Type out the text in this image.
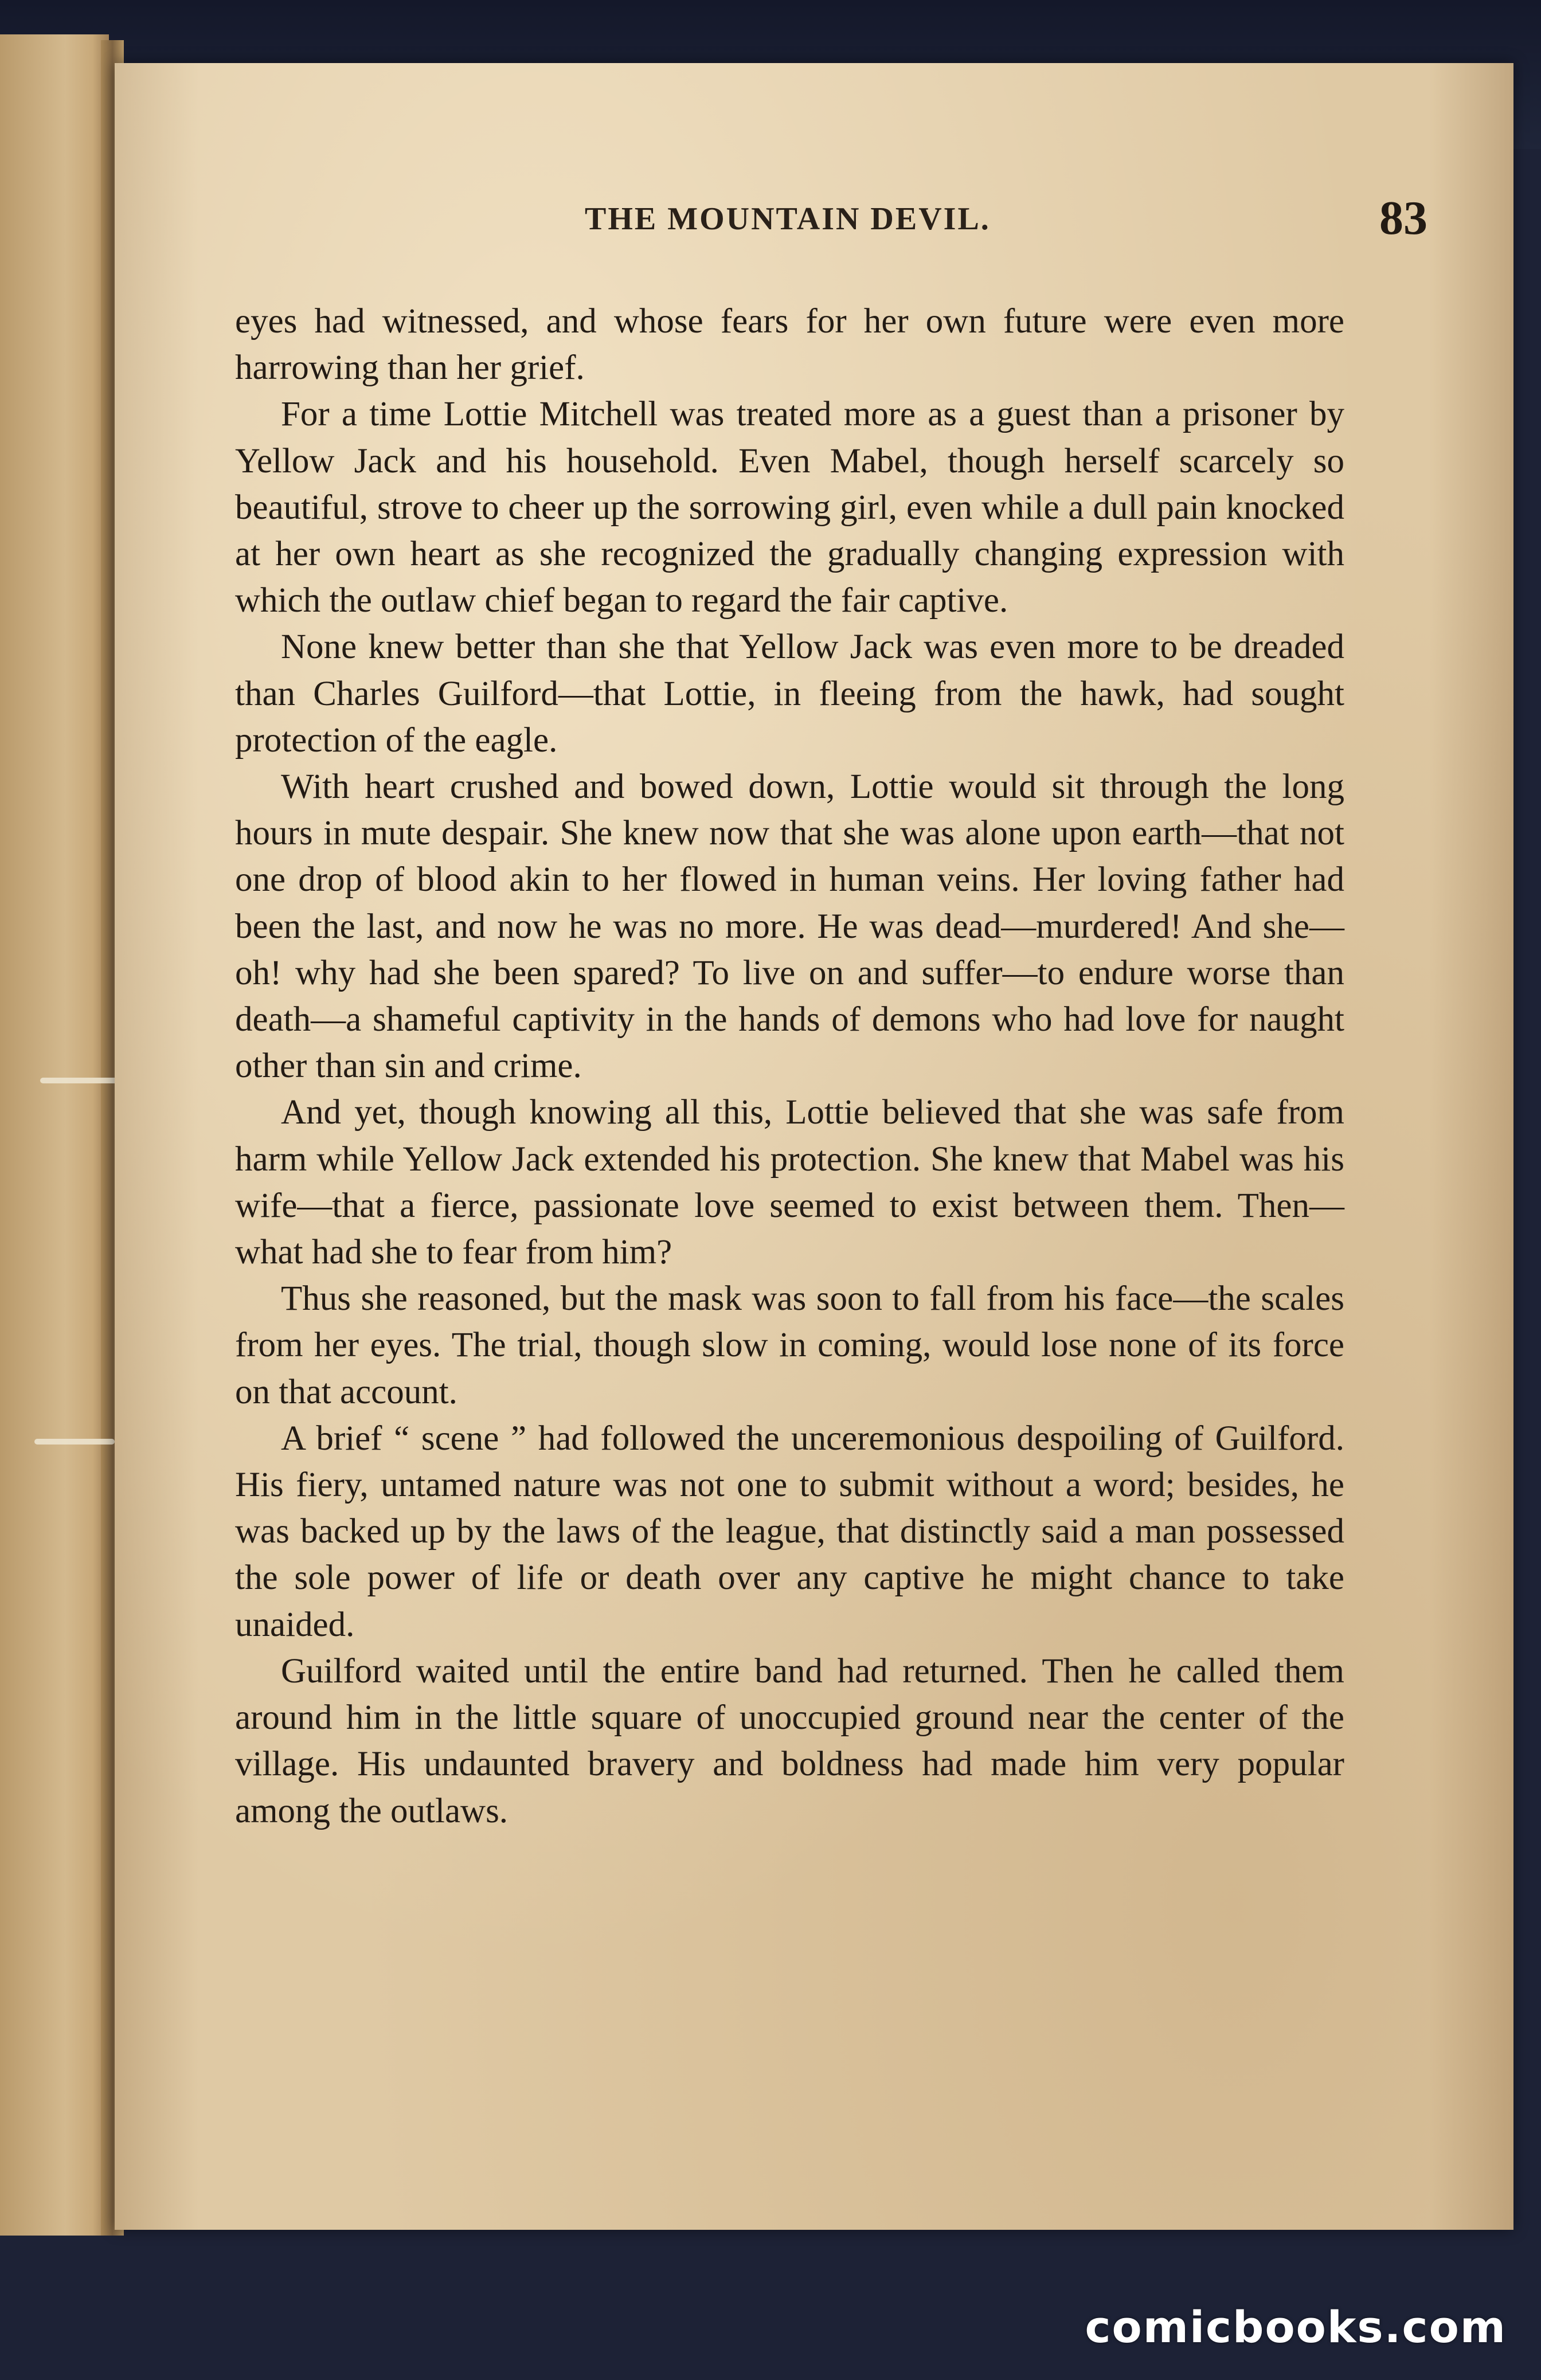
THE MOUNTAIN DEVIL.	83

eyes had witnessed, and whose fears for her own future were even more harrowing than her grief.

For a time Lottie Mitchell was treated more as a guest than a prisoner by Yellow Jack and his household. Even Mabel, though herself scarcely so beautiful, strove to cheer up the sorrowing girl, even while a dull pain knocked at her own heart as she recognized the gradually changing expression with which the outlaw chief began to regard the fair captive.

None knew better than she that Yellow Jack was even more to be dreaded than Charles Guilford—that Lottie, in fleeing from the hawk, had sought protection of the eagle.

With heart crushed and bowed down, Lottie would sit through the long hours in mute despair. She knew now that she was alone upon earth—that not one drop of blood akin to her flowed in human veins. Her loving father had been the last, and now he was no more. He was dead—murdered! And she—oh! why had she been spared? To live on and suffer—to endure worse than death—a shameful captivity in the hands of demons who had love for naught other than sin and crime.

And yet, though knowing all this, Lottie believed that she was safe from harm while Yellow Jack extended his protection. She knew that Mabel was his wife—that a fierce, passionate love seemed to exist between them. Then—what had she to fear from him?

Thus she reasoned, but the mask was soon to fall from his face—the scales from her eyes. The trial, though slow in coming, would lose none of its force on that account.

A brief “ scene ” had followed the unceremonious despoiling of Guilford. His fiery, untamed nature was not one to submit without a word; besides, he was backed up by the laws of the league, that distinctly said a man possessed the sole power of life or death over any captive he might chance to take unaided.

Guilford waited until the entire band had returned. Then he called them around him in the little square of unoccupied ground near the center of the village. His undaunted bravery and boldness had made him very popular among the outlaws.

comicbooks.com
